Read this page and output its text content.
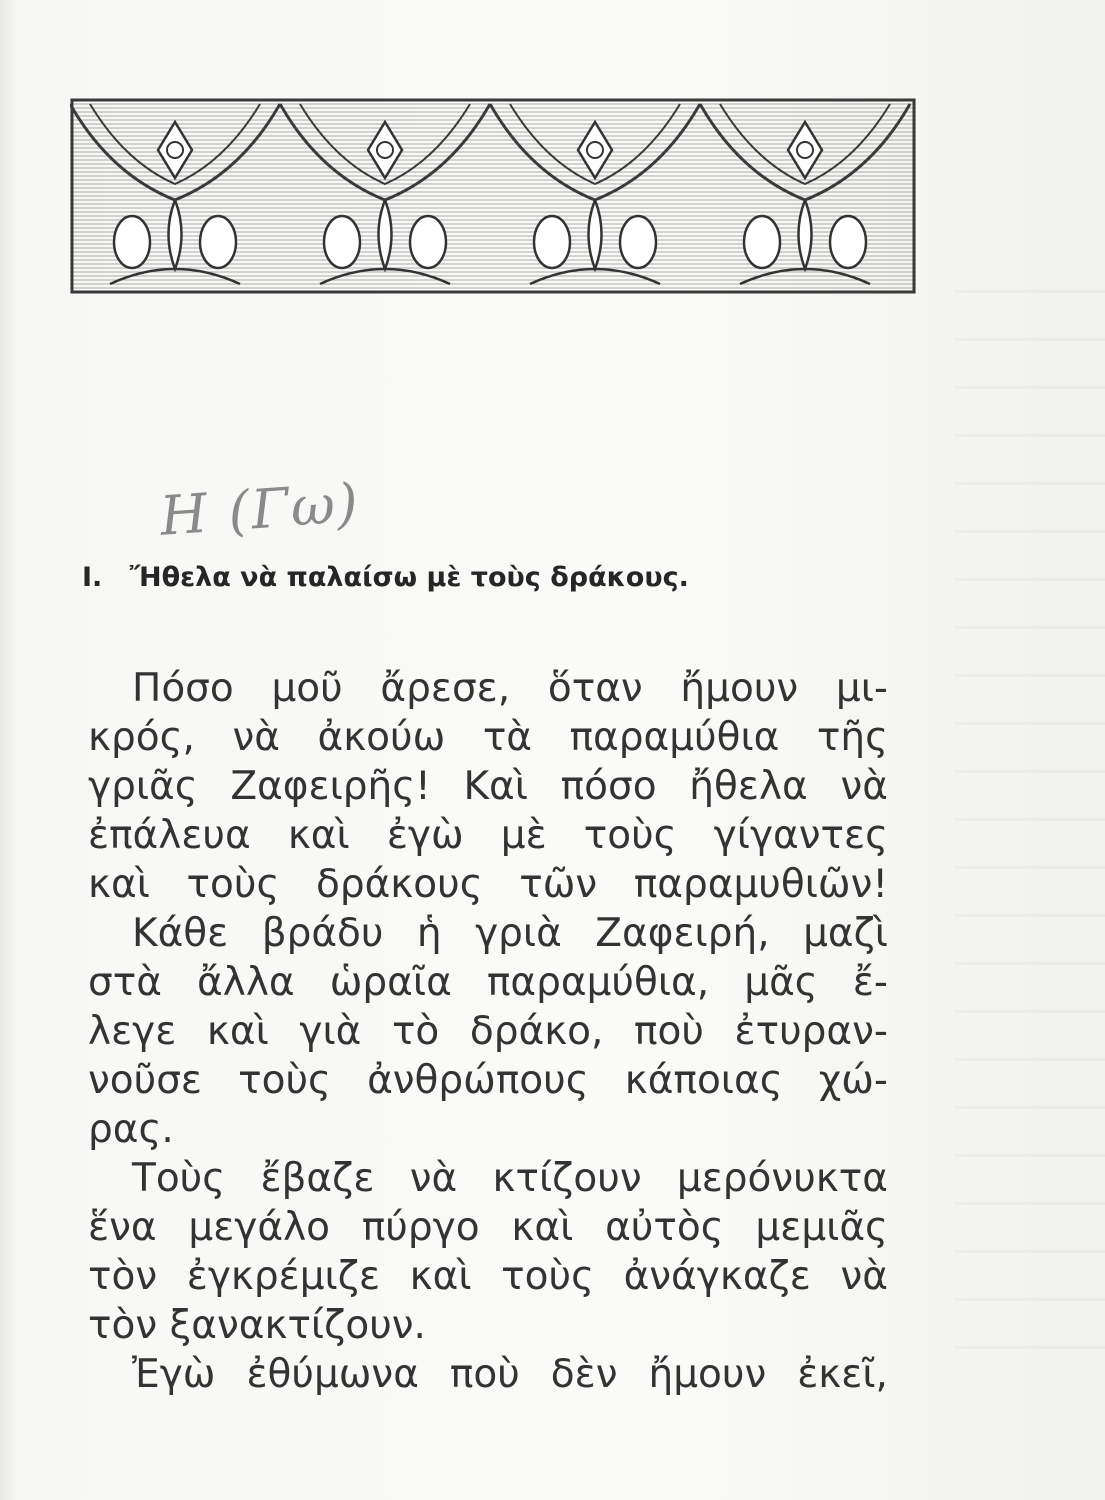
Η (Γω)
I. Ἤθελα νὰ παλαίσω μὲ τοὺς δράκους.
Πόσο μοῦ ἄρεσε, ὅταν ἤμουν μι-
κρός, νὰ ἀκούω τὰ παραμύθια τῆς
γριᾶς Ζαφειρῆς! Καὶ πόσο ἤθελα νὰ
ἐπάλευα καὶ ἐγὼ μὲ τοὺς γίγαντες
καὶ τοὺς δράκους τῶν παραμυθιῶν!
Κάθε βράδυ ἡ γριὰ Ζαφειρή, μαζὶ
στὰ ἄλλα ὡραῖα παραμύθια, μᾶς ἔ-
λεγε καὶ γιὰ τὸ δράκο, ποὺ ἐτυραν-
νοῦσε τοὺς ἀνθρώπους κάποιας χώ-
ρας.
Τοὺς ἔβαζε νὰ κτίζουν μερόνυκτα
ἕνα μεγάλο πύργο καὶ αὐτὸς μεμιᾶς
τὸν ἐγκρέμιζε καὶ τοὺς ἀνάγκαζε νὰ
τὸν ξανακτίζουν.
Ἐγὼ ἐθύμωνα ποὺ δὲν ἤμουν ἐκεῖ,
